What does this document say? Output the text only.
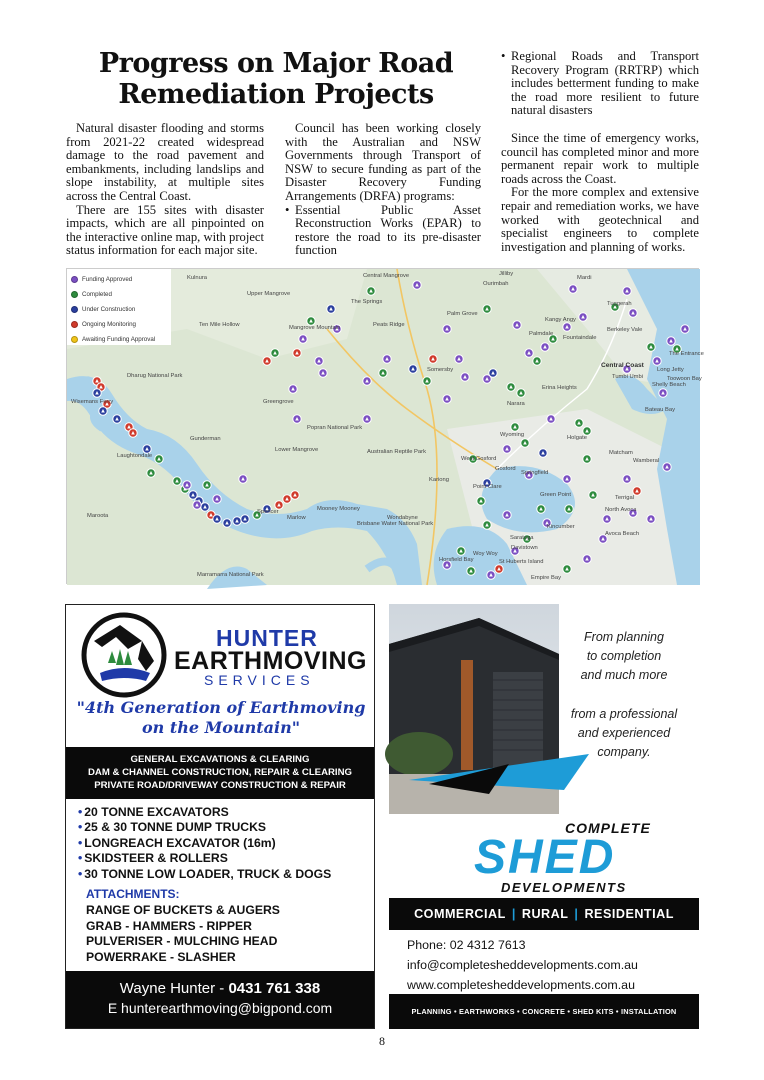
Progress on Major Road
Remediation Projects

Natural disaster flooding and storms from 2021-22 created widespread damage to the road pavement and embankments, including landslips and slope instability, at multiple sites across the Central Coast.

There are 155 sites with disaster impacts, which are all pinpointed on the interactive online map, with project status information for each major site.

Council has been working closely with the Australian and NSW Governments through Transport of NSW to secure funding as part of the Disaster Recovery Funding Arrangements (DRFA) programs:

• Essential Public Asset Reconstruction Works (EPAR) to restore the road to its pre-disaster function
• Regional Roads and Transport Recovery Program (RRTRP) which includes betterment funding to make the road more resilient to future natural disasters

Since the time of emergency works, council has completed minor and more permanent repair work to multiple roads across the Coast.

For the more complex and extensive repair and remediation works, we have worked with geotechnical and specialist engineers to complete investigation and planning of works.

Funding Approved
Completed
Under Construction
Ongoing Monitoring
Awaiting Funding Approval
Upper Mangrove
Ten Mile Hollow	Mangrove Mountain
Central Mangrove
The Springs
Peats Ridge
Palm Grove
Ourimbah
Mardi
Tuggerah
Kangy Angy
Palmdale
Fountaindale
Berkeley Vale
The Entrance
Central Coast
Tumbi Umbi
Shelly Beach
Long Jetty
Toowoon Bay
Erina Heights
Bateau Bay
Greengrove
Gunderman
Laughtondale
Wisemans Ferry
Lower Mangrove
Popran National Park
Somersby
Narara
Wyoming	Holgate
Matcham
Wamberal
West Gosford
Gosford
Springfield
Kariong
Point Clare
Green Point	Terrigal
North Avoca
Kincumber
Avoca Beach
Saratoga
Davistown
Woy Woy
Horsfield Bay	St Huberts Island
Empire Bay
Wondabyne
Marlow
Spencer	Mooney Mooney
Maroota
Dharug National Park
Marramarra National Park
Australian Reptile Park
Brisbane Water National Park
Jilliby
Kulnura
HUNTER
EARTHMOVING
SERVICES
"4th Generation of Earthmoving on the Mountain"
GENERAL EXCAVATIONS & CLEARING
DAM & CHANNEL CONSTRUCTION, REPAIR & CLEARING
PRIVATE ROAD/DRIVEWAY CONSTRUCTION & REPAIR
• 20 TONNE EXCAVATORS
• 25 & 30 TONNE DUMP TRUCKS
• LONGREACH EXCAVATOR (16m)
• SKIDSTEER & ROLLERS
• 30 TONNE LOW LOADER, TRUCK & DOGS
ATTACHMENTS:
RANGE OF BUCKETS & AUGERS
GRAB - HAMMERS - RIPPER
PULVERISER - MULCHING HEAD
POWERRAKE - SLASHER
Wayne Hunter - 0431 761 338
E hunterearthmoving@bigpond.com
From planning
to completion
and much more
from a professional
and experienced
company.
COMPLETE
SHED
DEVELOPMENTS
COMMERCIAL | RURAL | RESIDENTIAL
Phone: 02 4312 7613
info@completesheddevelopments.com.au
www.completesheddevelopments.com.au
PLANNING • EARTHWORKS • CONCRETE • SHED KITS • INSTALLATION
8
